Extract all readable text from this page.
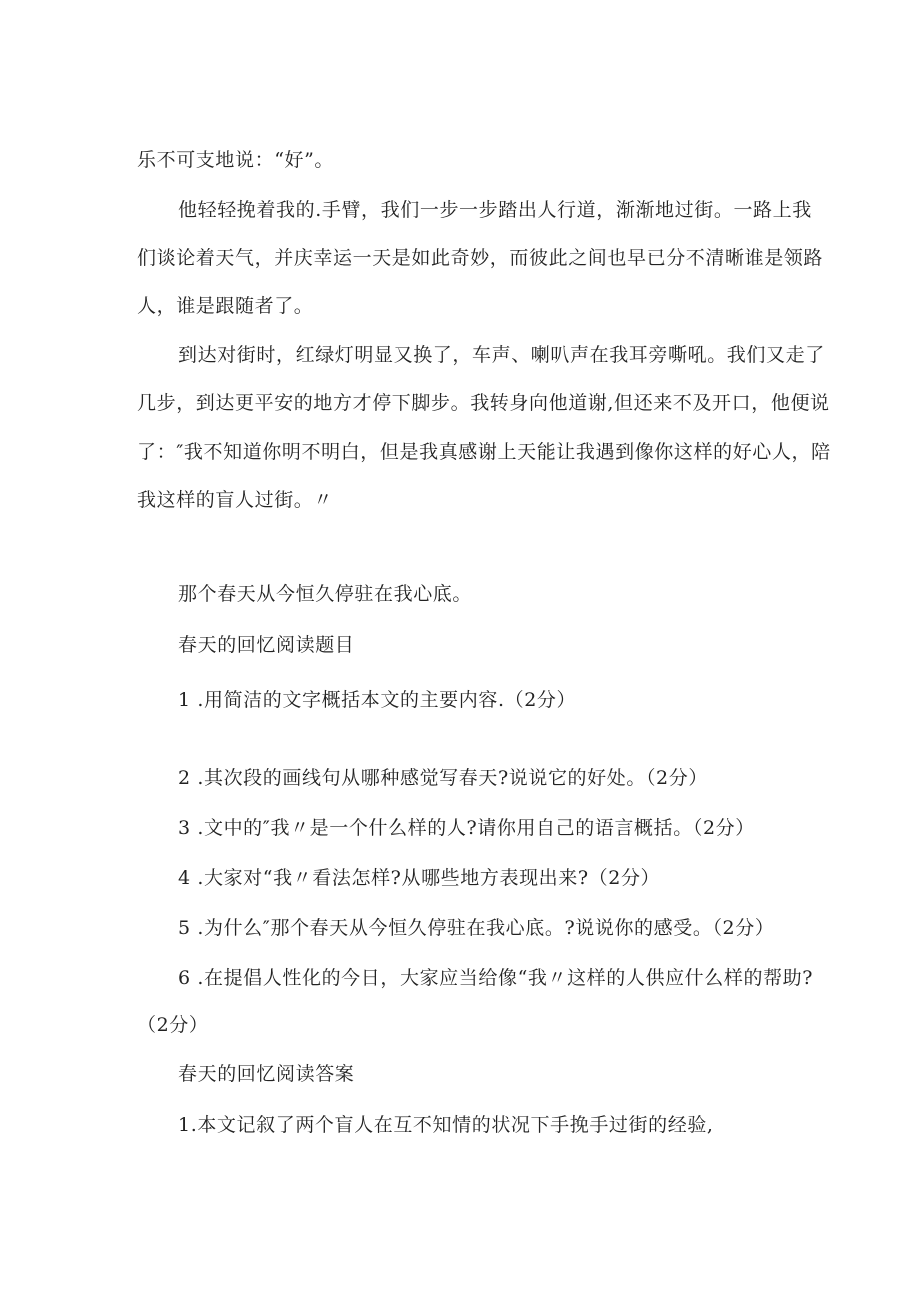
乐不可支地说：“好”。
他轻轻挽着我的.手臂，我们一步一步踏出人行道，渐渐地过街。一路上我
们谈论着天气，并庆幸运一天是如此奇妙，而彼此之间也早已分不清晰谁是领路
人，谁是跟随者了。
到达对街时，红绿灯明显又换了，车声、喇叭声在我耳旁嘶吼。我们又走了
几步，到达更平安的地方才停下脚步。我转身向他道谢,但还来不及开口，他便说
了：″我不知道你明不明白，但是我真感谢上天能让我遇到像你这样的好心人，陪
我这样的盲人过街。〃
那个春天从今恒久停驻在我心底。
春天的回忆阅读题目
1 .用简洁的文字概括本文的主要内容.（2分）
2 .其次段的画线句从哪种感觉写春天?说说它的好处。（2分）
3 .文中的″我〃是一个什么样的人?请你用自己的语言概括。（2分）
4 .大家对“我〃看法怎样?从哪些地方表现出来?（2分）
5 .为什么″那个春天从今恒久停驻在我心底。?说说你的感受。（2分）
6 .在提倡人性化的今日，大家应当给像“我〃这样的人供应什么样的帮助?
（2分）
春天的回忆阅读答案
1.本文记叙了两个盲人在互不知情的状况下手挽手过街的经验,
